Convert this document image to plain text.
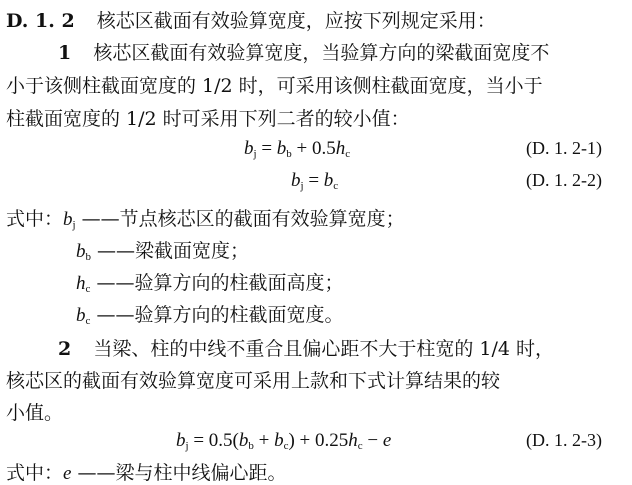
D. 1. 2 核芯区截面有效验算宽度，应按下列规定采用：
1 核芯区截面有效验算宽度，当验算方向的梁截面宽度不
小于该侧柱截面宽度的 1/2 时，可采用该侧柱截面宽度，当小于
柱截面宽度的 1/2 时可采用下列二者的较小值：
$b_j = b_b + 0.5h_c$	(D. 1. 2-1)
$b_j = b_c$	(D. 1. 2-2)
式中：$b_j$ ——节点核芯区的截面有效验算宽度；
$b_b$ ——梁截面宽度；
$h_c$ ——验算方向的柱截面高度；
$b_c$ ——验算方向的柱截面宽度。
2 当梁、柱的中线不重合且偏心距不大于柱宽的 1/4 时，
核芯区的截面有效验算宽度可采用上款和下式计算结果的较
小值。
$b_j = 0.5(b_b + b_c) + 0.25h_c - e$	(D. 1. 2-3)
式中：e ——梁与柱中线偏心距。
